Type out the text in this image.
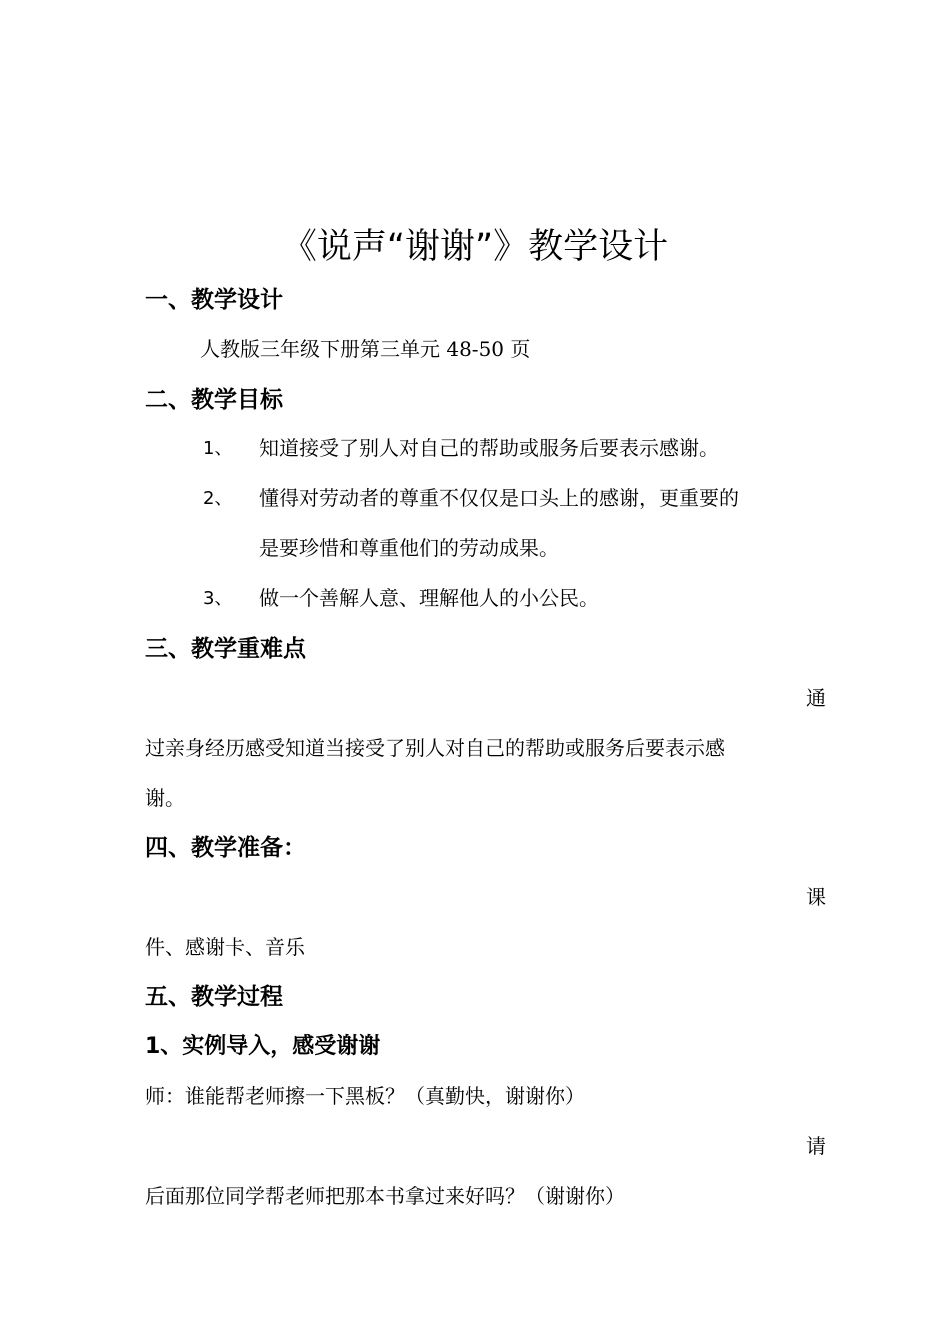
《说声“谢谢”》教学设计
一、教学设计
人教版三年级下册第三单元 48-50 页
二、教学目标
1、 知道接受了别人对自己的帮助或服务后要表示感谢。
2、 懂得对劳动者的尊重不仅仅是口头上的感谢，更重要的
是要珍惜和尊重他们的劳动成果。
3、 做一个善解人意、理解他人的小公民。
三、教学重难点
通
过亲身经历感受知道当接受了别人对自己的帮助或服务后要表示感
谢。
四、教学准备：
课
件、感谢卡、音乐
五、教学过程
1、实例导入，感受谢谢
师：谁能帮老师擦一下黑板？（真勤快，谢谢你）
请
后面那位同学帮老师把那本书拿过来好吗？（谢谢你）
